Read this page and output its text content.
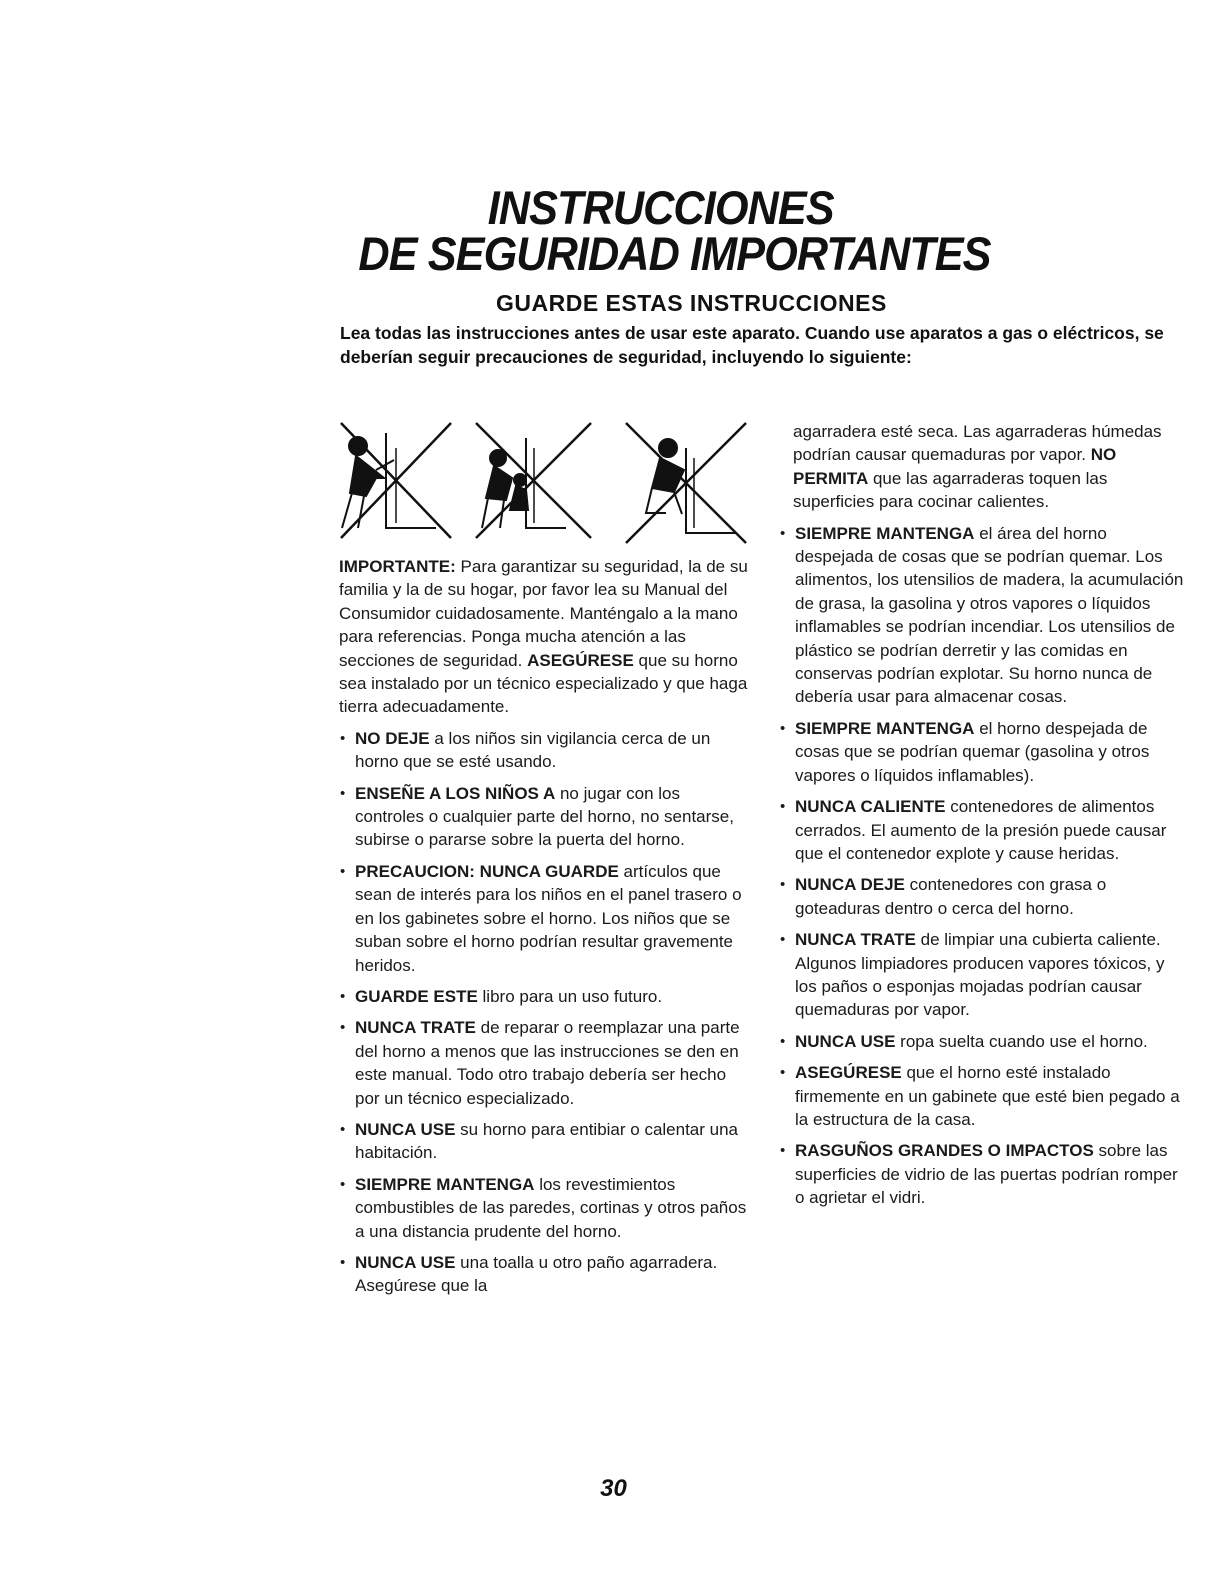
INSTRUCCIONES
DE SEGURIDAD IMPORTANTES
GUARDE ESTAS INSTRUCCIONES

Lea todas las instrucciones antes de usar este aparato. Cuando use aparatos a gas o eléctricos, se deberían seguir precauciones de seguridad, incluyendo lo siguiente:

IMPORTANTE: Para garantizar su seguridad, la de su familia y la de su hogar, por favor lea su Manual del Consumidor cuidadosamente. Manténgalo a la mano para referencias. Ponga mucha atención a las secciones de seguridad. ASEGÚRESE que su horno sea instalado por un técnico especializado y que haga tierra adecuadamente.

• NO DEJE a los niños sin vigilancia cerca de un horno que se esté usando.
• ENSEÑE A LOS NIÑOS A no jugar con los controles o cualquier parte del horno, no sentarse, subirse o pararse sobre la puerta del horno.
• PRECAUCION: NUNCA GUARDE artículos que sean de interés para los niños en el panel trasero o en los gabinetes sobre el horno. Los niños que se suban sobre el horno podrían resultar gravemente heridos.
• GUARDE ESTE libro para un uso futuro.
• NUNCA TRATE de reparar o reemplazar una parte del horno a menos que las instrucciones se den en este manual. Todo otro trabajo debería ser hecho por un técnico especializado.
• NUNCA USE su horno para entibiar o calentar una habitación.
• SIEMPRE MANTENGA los revestimientos combustibles de las paredes, cortinas y otros paños a una distancia prudente del horno.
• NUNCA USE una toalla u otro paño agarradera. Asegúrese que la
agarradera esté seca. Las agarraderas húmedas podrían causar quemaduras por vapor. NO PERMITA que las agarraderas toquen las superficies para cocinar calientes.
• SIEMPRE MANTENGA el área del horno despejada de cosas que se podrían quemar. Los alimentos, los utensilios de madera, la acumulación de grasa, la gasolina y otros vapores o líquidos inflamables se podrían incendiar. Los utensilios de plástico se podrían derretir y las comidas en conservas podrían explotar. Su horno nunca de debería usar para almacenar cosas.
• SIEMPRE MANTENGA el horno despejada de cosas que se podrían quemar (gasolina y otros vapores o líquidos inflamables).
• NUNCA CALIENTE contenedores de alimentos cerrados. El aumento de la presión puede causar que el contenedor explote y cause heridas.
• NUNCA DEJE contenedores con grasa o goteaduras dentro o cerca del horno.
• NUNCA TRATE de limpiar una cubierta caliente. Algunos limpiadores producen vapores tóxicos, y los paños o esponjas mojadas podrían causar quemaduras por vapor.
• NUNCA USE ropa suelta cuando use el horno.
• ASEGÚRESE que el horno esté instalado firmemente en un gabinete que esté bien pegado a la estructura de la casa.
• RASGUÑOS GRANDES O IMPACTOS sobre las superficies de vidrio de las puertas podrían romper o agrietar el vidri.
30
